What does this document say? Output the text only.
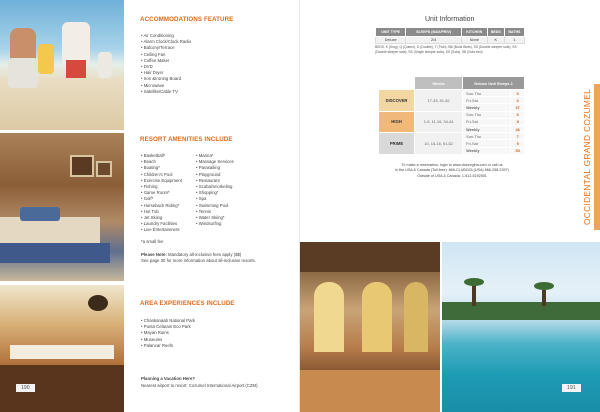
190
ACCOMMODATIONS FEATURE
• Air Conditioning
• Alarm Clock/Clock Radio
• Balcony/Terrace
• Ceiling Fan
• Coffee Maker
• DVD
• Hair Dryer
• Iron &Ironing Board
• Microwave
• Satellite/Cable TV
RESORT AMENITIES INCLUDE
• Basketball*
• Beach
• Boating*
• Children's Pool
• Exercise Equipment
• Fishing
• Game Room*
• Golf*
• Horseback Riding*
• Hot Tub
• Jet Skiing
• Laundry Facilities
• Live Entertainment
• Marina*
• Massage Services
• Parasailing
• Playground
• Restaurant
• Scuba/Snorkeling
• Shopping*
• Spa
• Swimming Pool
• Tennis
• Water Skiing*
• Windsurfing
*a small fee
Please Note: Mandatory all-inclusive fees apply ($$)
See page 30 for more information about all-inclusive resorts.
AREA EXPERIENCES INCLUDE
• Chankanaab National Park
• Punta Celarain Eco Park
• Mayan Ruins
• Museums
• Palancar Reefs
Planning a Vacation Here?
Nearest airport to resort: Cozumel International Airport (CZM)	191
Unit Information
UNIT TYPE	SLEEPS (MAX/PRIV)	KITCHEN	BEDS	BATHS
Deluxe	2/4	None	K	1
BEDS: K (King), Q (Queen), D (Double), T (Twin), BB (Bunk Beds), SS (Double sleeper sofa), SS (Double sleeper sofa), SS (Single sleeper sofa), SS (Sofa), SB (Sofa bed)
	Weeks	Deluxe Unit Sleeps 2	
DISCOVER	17-33, 51-52	Sun-Thu	6
		Fri-Sat	6
		Weekly	37
HIGH	1-9, 11-16, 34-44	Sun-Thu	6
		Fri-Sat	8
		Weekly	46
PRIME	10, 15-16, 51-52	Sun-Thu	7
		Fri-Sat	9
		Weekly	53
To make a reservation, login to www.clubregina.com or call us
in the USA & Canada (Toll-free): 866-CLUBGOL(USA) 866-258-2397)
Outside of USA & Canada: 1-512-5192501	OCCIDENTAL GRAND COZUMEL
